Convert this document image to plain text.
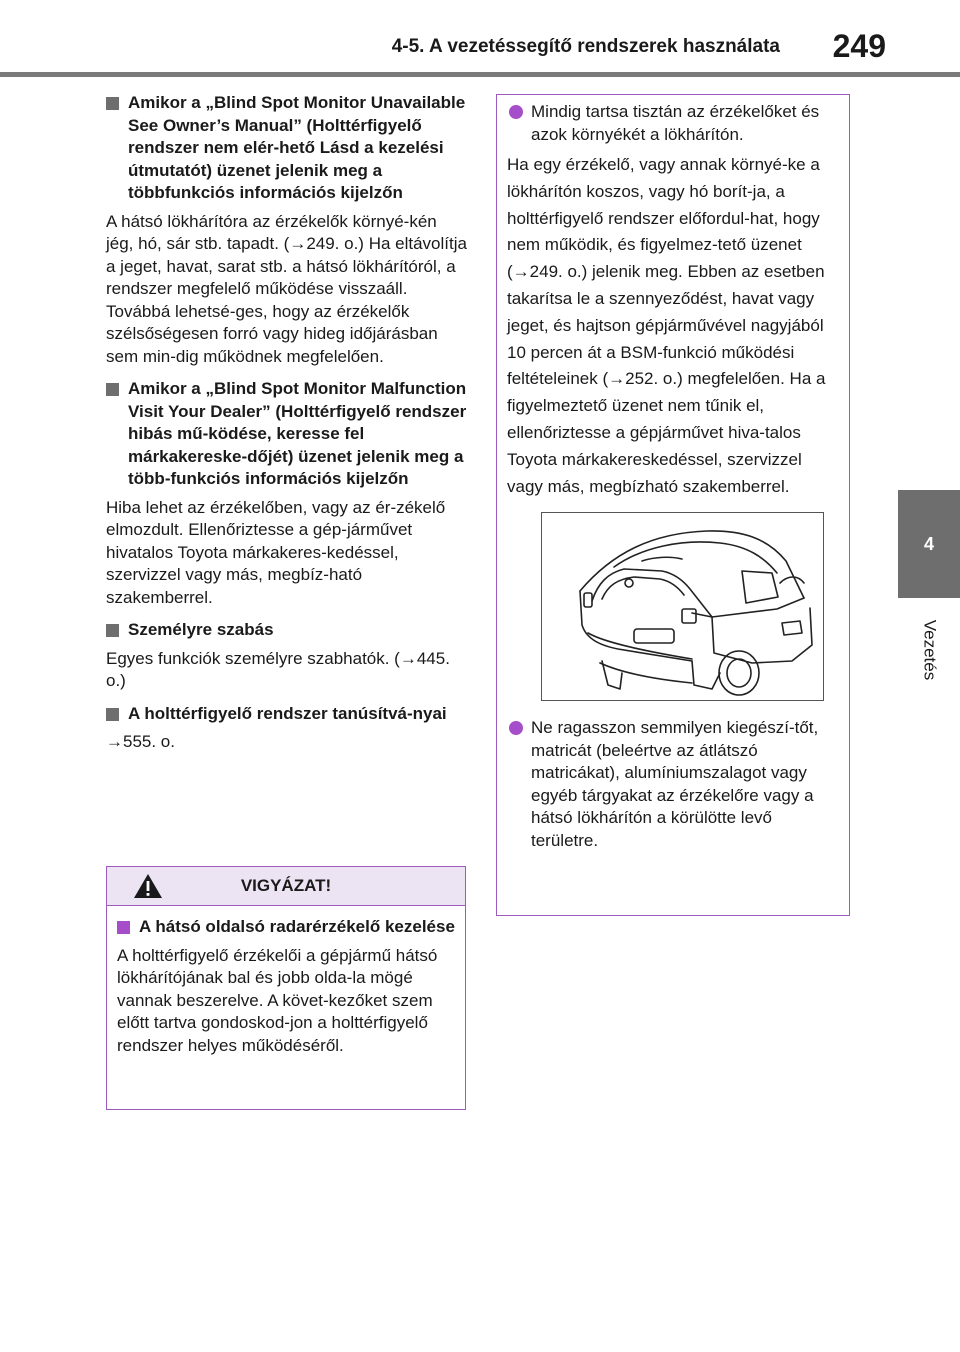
4-5. A vezetéssegítő rendszerek használata 249
4
Vezetés
Amikor a „Blind Spot Monitor Unavailable See Owner’s Manual” (Holttérfigyelő rendszer nem elér-hető Lásd a kezelési útmutatót) üzenet jelenik meg a többfunkciós információs kijelzőn

A hátsó lökhárítóra az érzékelők környé-kén jég, hó, sár stb. tapadt. (→249. o.) Ha eltávolítja a jeget, havat, sarat stb. a hátsó lökhárítóról, a rendszer megfelelő működése visszaáll. Továbbá lehetsé-ges, hogy az érzékelők szélsőségesen forró vagy hideg időjárásban sem min-dig működnek megfelelően.

Amikor a „Blind Spot Monitor Malfunction Visit Your Dealer” (Holttérfigyelő rendszer hibás mű-ködése, keresse fel márkakereske-dőjét) üzenet jelenik meg a több-funkciós információs kijelzőn

Hiba lehet az érzékelőben, vagy az ér-zékelő elmozdult. Ellenőriztesse a gép-járművet hivatalos Toyota márkakeres-kedéssel, szervizzel vagy más, megbíz-ható szakemberrel.

Személyre szabás

Egyes funkciók személyre szabhatók. (→445. o.)

A holttérfigyelő rendszer tanúsítvá-nyai

→555. o.

VIGYÁZAT!
A hátsó oldalsó radarérzékelő kezelése

A holttérfigyelő érzékelői a gépjármű hátsó lökhárítójának bal és jobb olda-la mögé vannak beszerelve. A követ-kezőket szem előtt tartva gondoskod-jon a holttérfigyelő rendszer helyes működéséről.

Mindig tartsa tisztán az érzékelőket és azok környékét a lökhárítón.

Ha egy érzékelő, vagy annak környé-ke a lökhárítón koszos, vagy hó borít-ja, a holttérfigyelő rendszer előfordul-hat, hogy nem működik, és figyelmez-tető üzenet (→249. o.) jelenik meg. Ebben az esetben takarítsa le a szennyeződést, havat vagy jeget, és hajtson gépjárművével nagyjából 10 percen át a BSM-funkció működési feltételeinek (→252. o.) megfelelően. Ha a figyelmeztető üzenet nem tűnik el, ellenőriztesse a gépjárművet hiva-talos Toyota márkakereskedéssel, szervizzel vagy más, megbízható szakemberrel.

Ne ragasszon semmilyen kiegészí-tőt, matricát (beleértve az átlátszó matricákat), alumíniumszalagot vagy egyéb tárgyakat az érzékelőre vagy a hátsó lökhárítón a körülötte levő területre.
